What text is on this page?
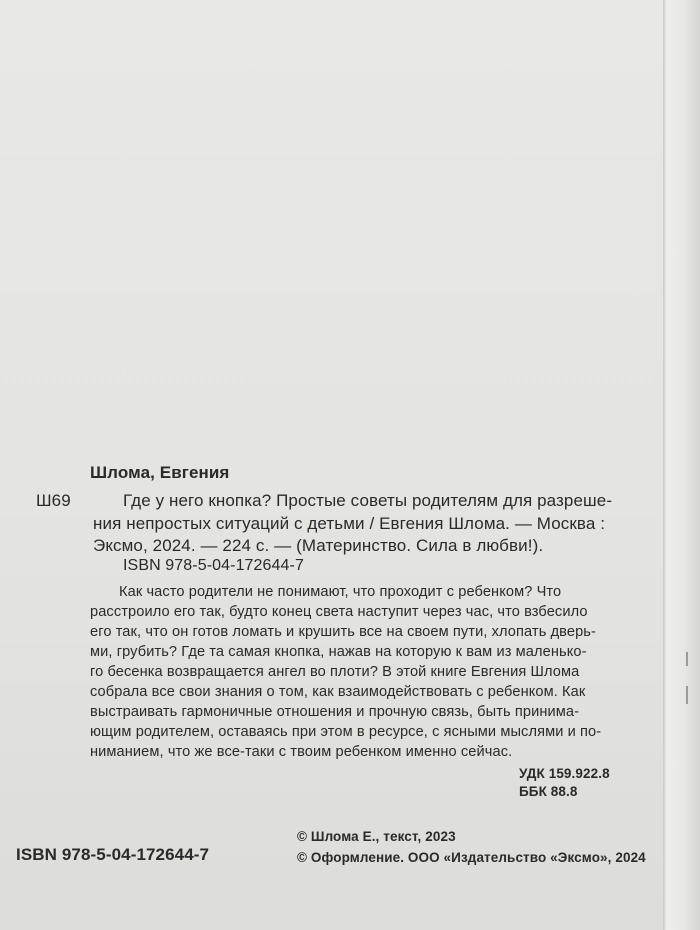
Шлома, Евгения
Ш69	Где у него кнопка? Простые советы родителям для разреше-
ния непростых ситуаций с детьми / Евгения Шлома. — Москва :
Эксмо, 2024. — 224 с. — (Материнство. Сила в любви!).
ISBN 978-5-04-172644-7
Как часто родители не понимают, что проходит с ребенком? Что
расстроило его так, будто конец света наступит через час, что взбесило
его так, что он готов ломать и крушить все на своем пути, хлопать дверь-
ми, грубить? Где та самая кнопка, нажав на которую к вам из маленько-
го бесенка возвращается ангел во плоти? В этой книге Евгения Шлома
собрала все свои знания о том, как взаимодействовать с ребенком. Как
выстраивать гармоничные отношения и прочную связь, быть принима-
ющим родителем, оставаясь при этом в ресурсе, с ясными мыслями и по-
ниманием, что же все-таки с твоим ребенком именно сейчас.
УДК 159.922.8
ББК 88.8
ISBN 978-5-04-172644-7
© Шлома Е., текст, 2023
© Оформление. ООО «Издательство «Эксмо», 2024
